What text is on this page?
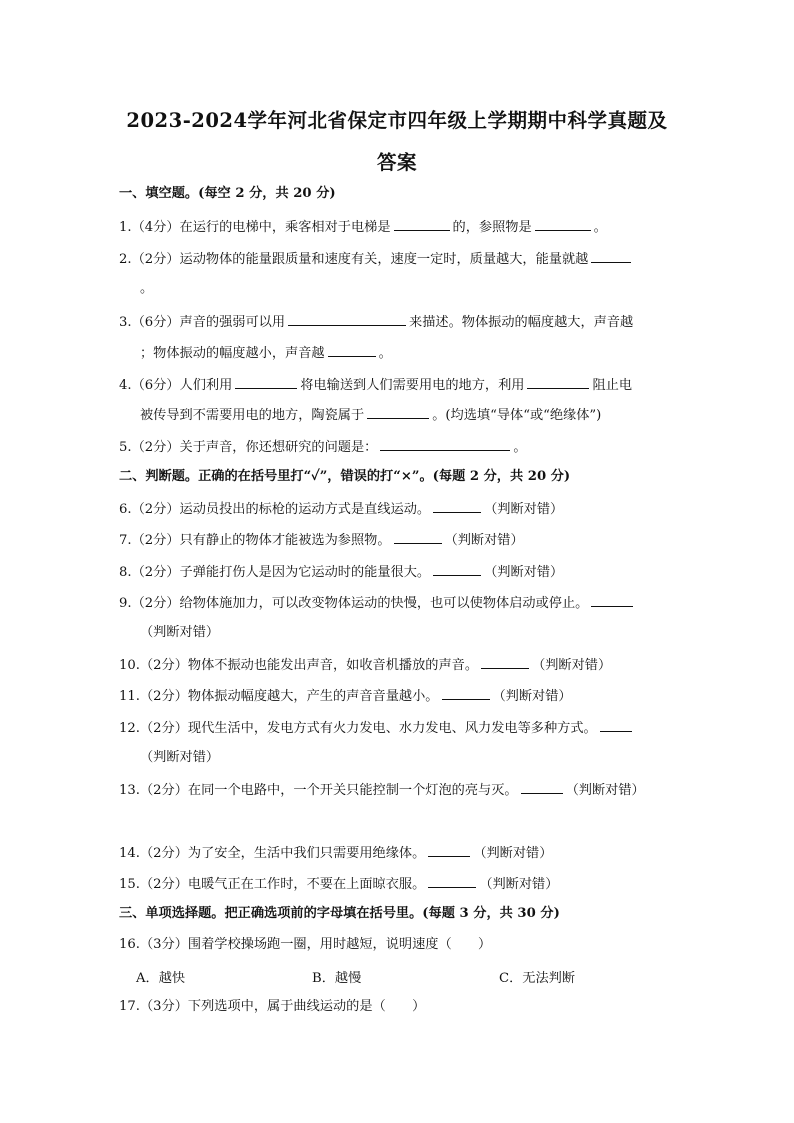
2023-2024学年河北省保定市四年级上学期期中科学真题及
答案
一、填空题。(每空 2 分，共 20 分)
1.（4分）在运行的电梯中，乘客相对于电梯是	的，参照物是	。
2.（2分）运动物体的能量跟质量和速度有关，速度一定时，质量越大，能量就越
。
3.（6分）声音的强弱可以用	来描述。物体振动的幅度越大，声音越
；物体振动的幅度越小，声音越	。
4.（6分）人们利用	将电输送到人们需要用电的地方，利用	阻止电
被传导到不需要用电的地方，陶瓷属于	。(均选填“导体“或“绝缘体”)
5.（2分）关于声音，你还想研究的问题是：	。
二、判断题。正确的在括号里打“✓”，错误的打“×”。(每题 2 分，共 20 分)
6.（2分）运动员投出的标枪的运动方式是直线运动。	（判断对错）
7.（2分）只有静止的物体才能被选为参照物。	（判断对错）
8.（2分）子弹能打伤人是因为它运动时的能量很大。	（判断对错）
9.（2分）给物体施加力，可以改变物体运动的快慢，也可以使物体启动或停止。
（判断对错）
10.（2分）物体不振动也能发出声音，如收音机播放的声音。	（判断对错）
11.（2分）物体振动幅度越大，产生的声音音量越小。	（判断对错）
12.（2分）现代生活中，发电方式有火力发电、水力发电、风力发电等多种方式。
（判断对错）
13.（2分）在同一个电路中，一个开关只能控制一个灯泡的亮与灭。	（判断对错）
14.（2分）为了安全，生活中我们只需要用绝缘体。	（判断对错）
15.（2分）电暖气正在工作时，不要在上面晾衣服。	（判断对错）
三、单项选择题。把正确选项前的字母填在括号里。(每题 3 分，共 30 分)
16.（3分）围着学校操场跑一圈，用时越短，说明速度（　　）
A．越快	B．越慢	C．无法判断
17.（3分）下列选项中，属于曲线运动的是（　　）
